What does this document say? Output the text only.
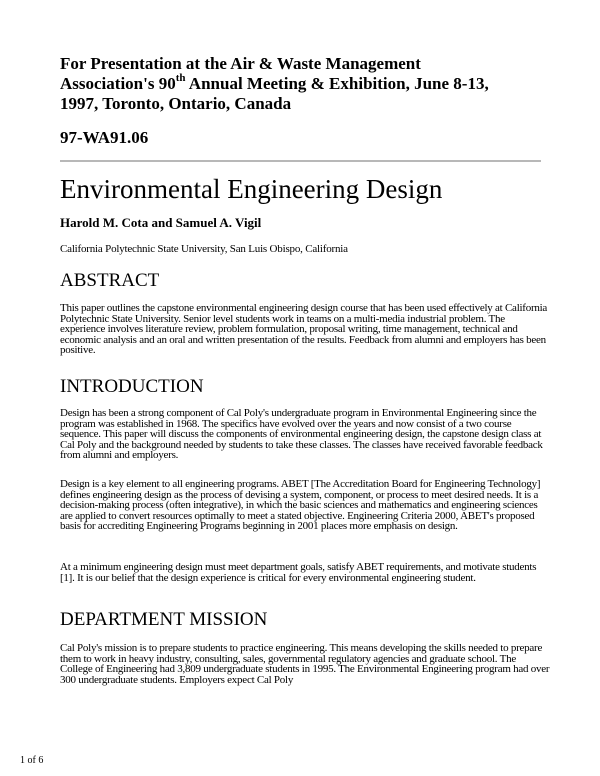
For Presentation at the Air & Waste Management
Association's 90th Annual Meeting & Exhibition, June 8-13,
1997, Toronto, Ontario, Canada
97-WA91.06
Environmental Engineering Design
Harold M. Cota and Samuel A. Vigil
California Polytechnic State University, San Luis Obispo, California
ABSTRACT

This paper outlines the capstone environmental engineering design course that has been used effectively at California Polytechnic State University. Senior level students work in teams on a multi-media industrial problem. The experience involves literature review, problem formulation, proposal writing, time management, technical and economic analysis and an oral and written presentation of the results. Feedback from alumni and employers has been positive.

INTRODUCTION

Design has been a strong component of Cal Poly's undergraduate program in Environmental Engineering since the program was established in 1968. The specifics have evolved over the years and now consist of a two course sequence. This paper will discuss the components of environmental engineering design, the capstone design class at Cal Poly and the background needed by students to take these classes. The classes have received favorable feedback from alumni and employers.

Design is a key element to all engineering programs. ABET [The Accreditation Board for Engineering Technology] defines engineering design as the process of devising a system, component, or process to meet desired needs. It is a decision-making process (often integrative), in which the basic sciences and mathematics and engineering sciences are applied to convert resources optimally to meet a stated objective. Engineering Criteria 2000, ABET's proposed basis for accrediting Engineering Programs beginning in 2001 places more emphasis on design.

At a minimum engineering design must meet department goals, satisfy ABET requirements, and motivate students [1]. It is our belief that the design experience is critical for every environmental engineering student.

DEPARTMENT MISSION

Cal Poly's mission is to prepare students to practice engineering. This means developing the skills needed to prepare them to work in heavy industry, consulting, sales, governmental regulatory agencies and graduate school. The College of Engineering had 3,809 undergraduate students in 1995. The Environmental Engineering program had over 300 undergraduate students. Employers expect Cal Poly

1 of 6
